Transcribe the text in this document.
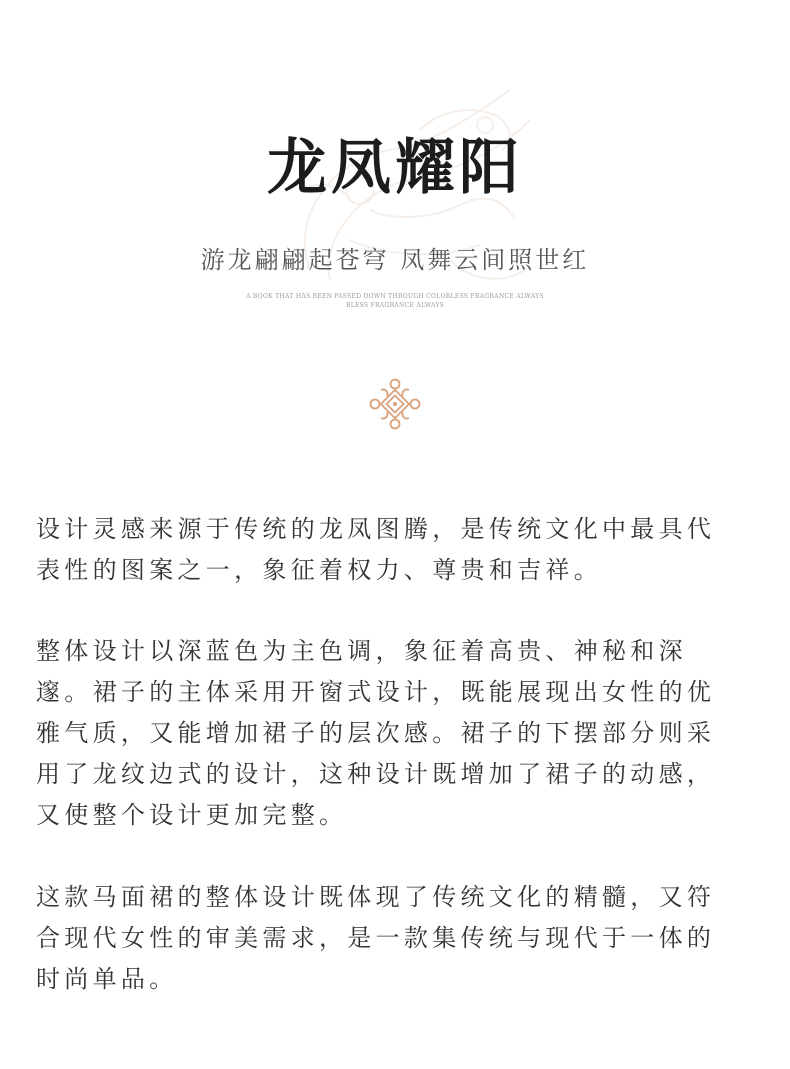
龙凤耀阳
游龙翩翩起苍穹 凤舞云间照世红
A BOOK THAT HAS BEEN PASSED DOWN THROUGH COLORLESS FRAGRANCE ALWAYS
BLESS FRAGRANCE ALWAYS
设计灵感来源于传统的龙凤图腾，是传统文化中最具代
表性的图案之一，象征着权力、尊贵和吉祥。
整体设计以深蓝色为主色调，象征着高贵、神秘和深
邃。裙子的主体采用开窗式设计，既能展现出女性的优
雅气质，又能增加裙子的层次感。裙子的下摆部分则采
用了龙纹边式的设计，这种设计既增加了裙子的动感，
又使整个设计更加完整。
这款马面裙的整体设计既体现了传统文化的精髓，又符
合现代女性的审美需求，是一款集传统与现代于一体的
时尚单品。
